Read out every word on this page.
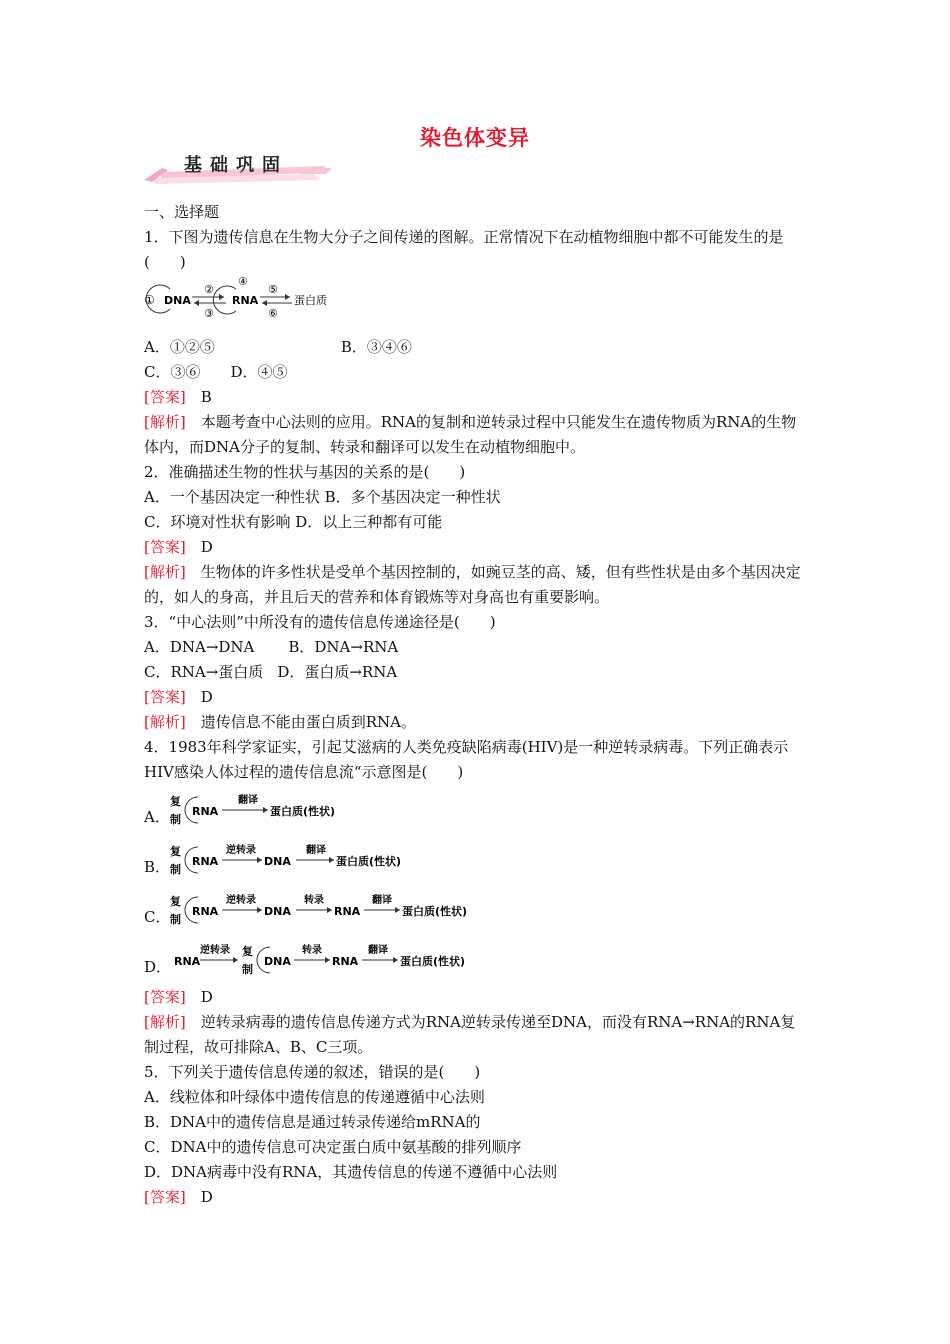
染色体变异
基础巩固
一、选择题
1．下图为遗传信息在生物大分子之间传递的图解。正常情况下在动植物细胞中都不可能发生的是(　　)
① DNA
②
③
④
RNA
⑤
⑥
蛋白质
A．①②⑤	B．③④⑥
C．③⑥ D．④⑤
[答案]　 B
[解析]　 本题考查中心法则的应用。RNA的复制和逆转录过程中只能发生在遗传物质为RNA的生物体内，而DNA分子的复制、转录和翻译可以发生在动植物细胞中。
2．准确描述生物的性状与基因的关系的是(　　)
A．一个基因决定一种性状 B．多个基因决定一种性状
C．环境对性状有影响 D．以上三种都有可能
[答案]　 D
[解析]　 生物体的许多性状是受单个基因控制的，如豌豆茎的高、矮，但有些性状是由多个基因决定的，如人的身高，并且后天的营养和体育锻炼等对身高也有重要影响。
3．“中心法则”中所没有的遗传信息传递途径是(　　)
A．DNA→DNA B．DNA→RNA
C．RNA→蛋白质 D．蛋白质→RNA
[答案]　 D
[解析]　 遗传信息不能由蛋白质到RNA。
4．1983年科学家证实，引起艾滋病的人类免疫缺陷病毒(HIV)是一种逆转录病毒。下列正确表示HIV感染人体过程的遗传信息流“示意图是(　　)
A．
复
制
RNA
翻译
蛋白质(性状)
B．
复
制
RNA
逆转录
DNA
翻译
蛋白质(性状)
C．
复
制
RNA
逆转录
DNA
转录
RNA
翻译
蛋白质(性状)
D． RNA
逆转录 复
制
DNA
转录
RNA
翻译
蛋白质(性状)
[答案]　 D
[解析]　 逆转录病毒的遗传信息传递方式为RNA逆转录传递至DNA，而没有RNA→RNA的RNA复制过程，故可排除A、B、C三项。
5．下列关于遗传信息传递的叙述，错误的是(　　)
A．线粒体和叶绿体中遗传信息的传递遵循中心法则
B．DNA中的遗传信息是通过转录传递给mRNA的
C．DNA中的遗传信息可决定蛋白质中氨基酸的排列顺序
D．DNA病毒中没有RNA，其遗传信息的传递不遵循中心法则
[答案]　 D
